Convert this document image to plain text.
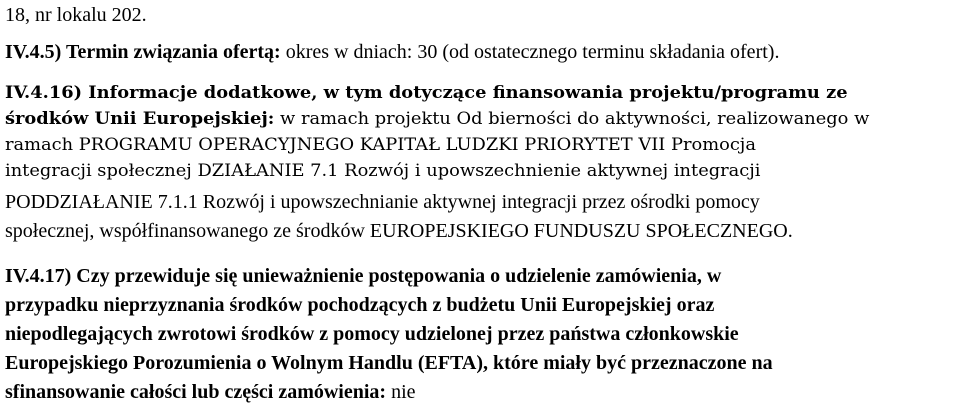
18, nr lokalu 202.
IV.4.5) Termin związania ofertą: okres w dniach: 30 (od ostatecznego terminu składania ofert).
IV.4.16) Informacje dodatkowe, w tym dotyczące finansowania projektu/programu ze
środków Unii Europejskiej: w ramach projektu Od bierności do aktywności, realizowanego w
ramach PROGRAMU OPERACYJNEGO KAPITAŁ LUDZKI PRIORYTET VII Promocja
integracji społecznej DZIAŁANIE 7.1 Rozwój i upowszechnienie aktywnej integracji
PODDZIAŁANIE 7.1.1 Rozwój i upowszechnianie aktywnej integracji przez ośrodki pomocy
społecznej, współfinansowanego ze środków EUROPEJSKIEGO FUNDUSZU SPOŁECZNEGO.
IV.4.17) Czy przewiduje się unieważnienie postępowania o udzielenie zamówienia, w
przypadku nieprzyznania środków pochodzących z budżetu Unii Europejskiej oraz
niepodlegających zwrotowi środków z pomocy udzielonej przez państwa członkowskie
Europejskiego Porozumienia o Wolnym Handlu (EFTA), które miały być przeznaczone na
sfinansowanie całości lub części zamówienia: nie
